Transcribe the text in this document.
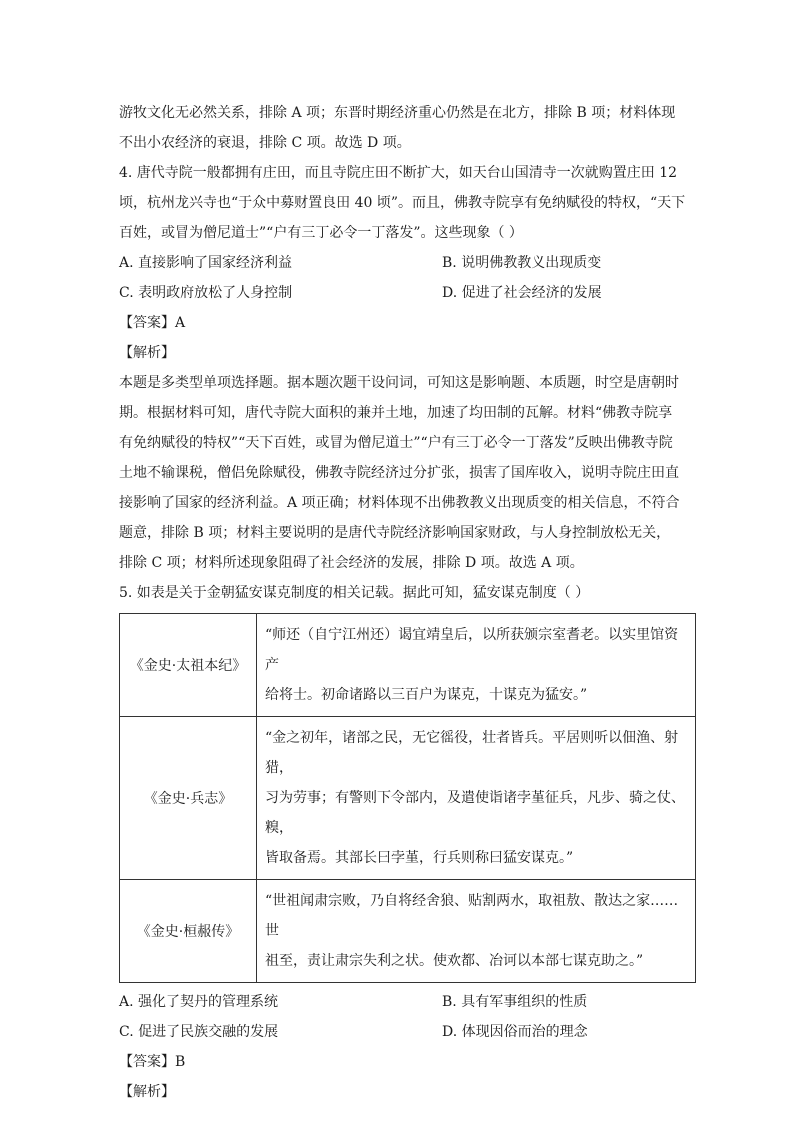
游牧文化无必然关系，排除 A 项；东晋时期经济重心仍然是在北方，排除 B 项；材料体现
不出小农经济的衰退，排除 C 项。故选 D 项。
4. 唐代寺院一般都拥有庄田，而且寺院庄田不断扩大，如天台山国清寺一次就购置庄田 12
顷，杭州龙兴寺也“于众中募财置良田 40 顷”。而且，佛教寺院享有免纳赋役的特权，“天下
百姓，或冒为僧尼道士”“户有三丁必令一丁落发”。这些现象（ ）
A. 直接影响了国家经济利益	B. 说明佛教教义出现质变
C. 表明政府放松了人身控制	D. 促进了社会经济的发展
【答案】A
【解析】
本题是多类型单项选择题。据本题次题干设问词，可知这是影响题、本质题，时空是唐朝时
期。根据材料可知，唐代寺院大面积的兼并土地，加速了均田制的瓦解。材料“佛教寺院享
有免纳赋役的特权”“天下百姓，或冒为僧尼道士”“户有三丁必令一丁落发”反映出佛教寺院
土地不输课税，僧侣免除赋役，佛教寺院经济过分扩张，损害了国库收入，说明寺院庄田直
接影响了国家的经济利益。A 项正确；材料体现不出佛教教义出现质变的相关信息，不符合
题意，排除 B 项；材料主要说明的是唐代寺院经济影响国家财政，与人身控制放松无关，
排除 C 项；材料所述现象阻碍了社会经济的发展，排除 D 项。故选 A 项。
5. 如表是关于金朝猛安谋克制度的相关记载。据此可知，猛安谋克制度（ ）
《金史·太祖本纪》	“师还（自宁江州还）谒宜靖皇后，以所获颁宗室耆老。以实里馆资产
给将士。初命诸路以三百户为谋克，十谋克为猛安。”

《金史·兵志》	“金之初年，诸部之民，无它徭役，壮者皆兵。平居则听以佃渔、射猎，
习为劳事；有警则下令部内，及遣使诣诸孛堇征兵，凡步、骑之仗、糗，
皆取备焉。其部长曰孛堇，行兵则称曰猛安谋克。”

《金史·桓赧传》	“世祖闻肃宗败，乃自将经舍狼、贴割两水，取祖敖、散达之家……世
祖至，责让肃宗失利之状。使欢都、冶诃以本部七谋克助之。”
A. 强化了契丹的管理系统	B. 具有军事组织的性质
C. 促进了民族交融的发展	D. 体现因俗而治的理念
【答案】B
【解析】
